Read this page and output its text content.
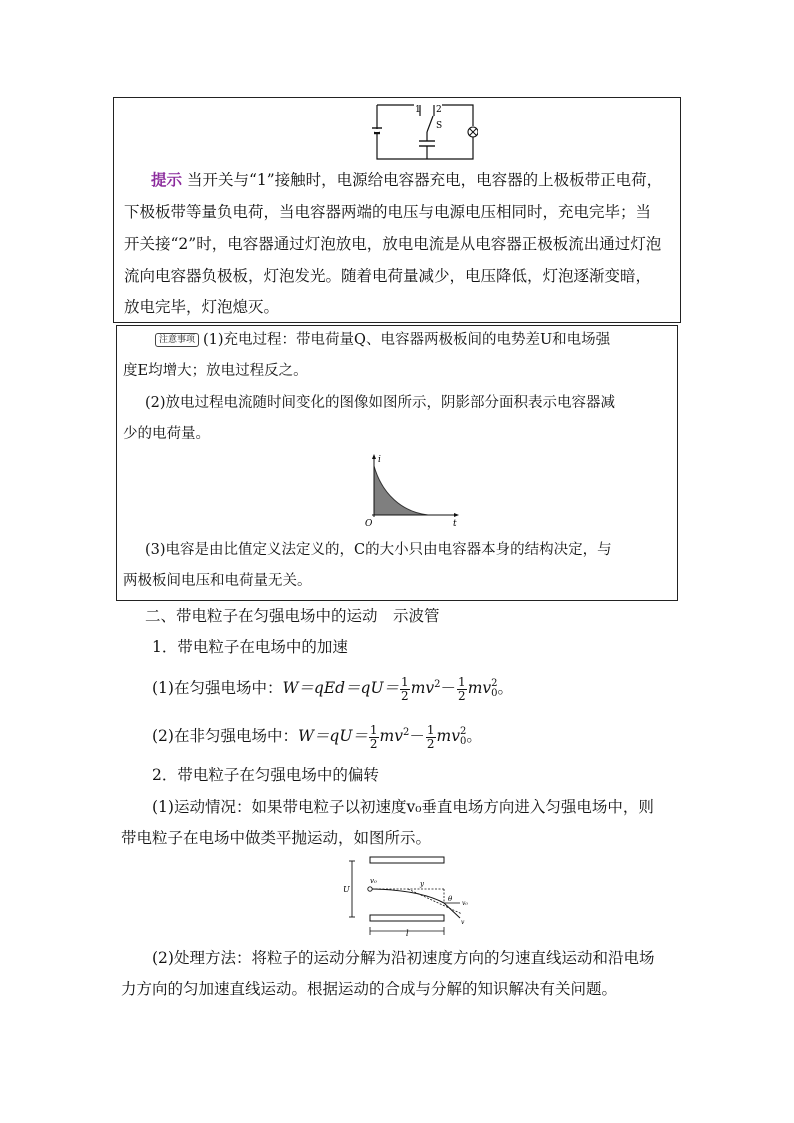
1 2
S
提示 当开关与“1”接触时，电源给电容器充电，电容器的上极板带正电荷，
下极板带等量负电荷，当电容器两端的电压与电源电压相同时，充电完毕；当
开关接“2”时，电容器通过灯泡放电，放电电流是从电容器正极板流出通过灯泡
流向电容器负极板，灯泡发光。随着电荷量减少，电压降低，灯泡逐渐变暗，
放电完毕，灯泡熄灭。
注意事项 (1)充电过程：带电荷量Q、电容器两极板间的电势差U和电场强
度E均增大；放电过程反之。
(2)放电过程电流随时间变化的图像如图所示，阴影部分面积表示电容器减
少的电荷量。
i
t
O
(3)电容是由比值定义法定义的，C的大小只由电容器本身的结构决定，与
两极板间电压和电荷量无关。
二、带电粒子在匀强电场中的运动　示波管
1．带电粒子在电场中的加速
(1)在匀强电场中：$W=qEd=qU= \frac{1}{2} mv^2- \frac{1}{2}$ mv 2
0 。
(2)在非匀强电场中：$W=qU= \frac{1}{2} mv^2- \frac{1}{2}$ mv 2
0 。
2．带电粒子在匀强电场中的偏转
(1)运动情况：如果带电粒子以初速度v₀垂直电场方向进入匀强电场中，则
带电粒子在电场中做类平抛运动，如图所示。
U
v₀	y
θ
v₀
v
l
(2)处理方法：将粒子的运动分解为沿初速度方向的匀速直线运动和沿电场
力方向的匀加速直线运动。根据运动的合成与分解的知识解决有关问题。
